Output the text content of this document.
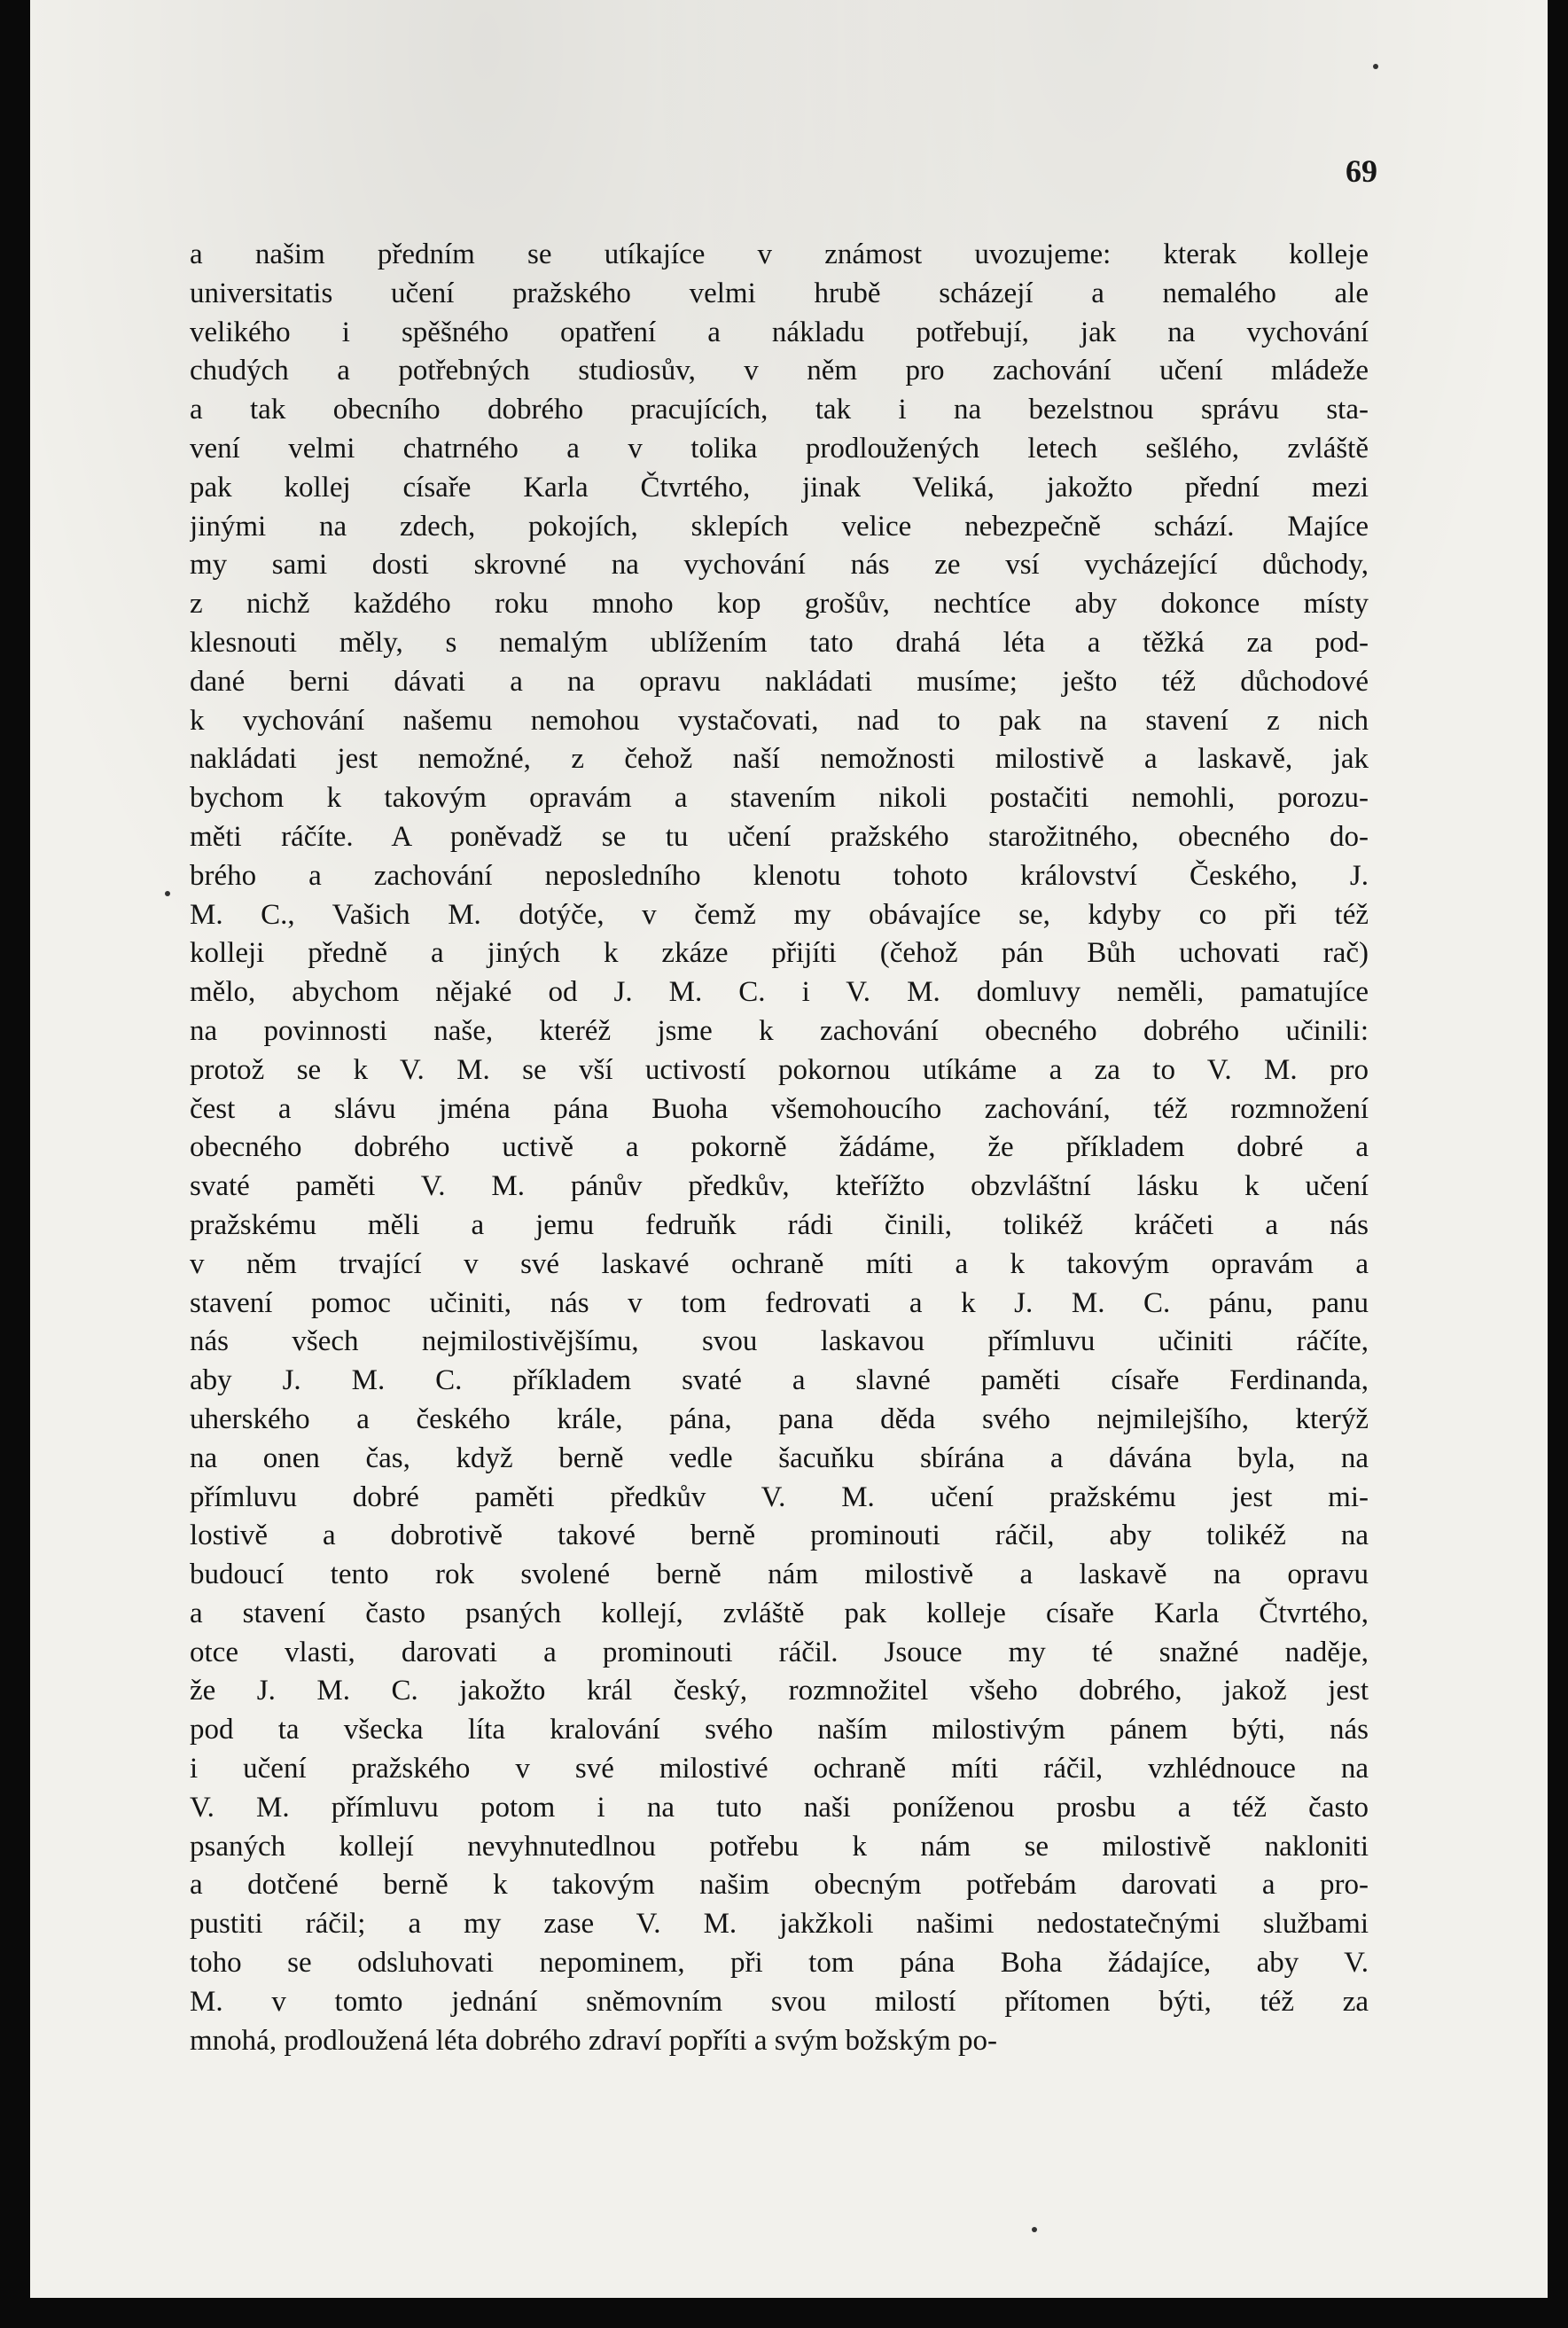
69
a našim předním se utíkajíce v známost uvozujeme: kterak kolleje
universitatis učení pražského velmi hrubě scházejí a nemalého ale
velikého i spěšného opatření a nákladu potřebují, jak na vychování
chudých a potřebných studiosův, v něm pro zachování učení mládeže
a tak obecního dobrého pracujících, tak i na bezelstnou správu sta-
vení velmi chatrného a v tolika prodloužených letech sešlého, zvláště
pak kollej císaře Karla Čtvrtého, jinak Veliká, jakožto přední mezi
jinými na zdech, pokojích, sklepích velice nebezpečně schází. Majíce
my sami dosti skrovné na vychování nás ze vsí vycházející důchody,
z nichž každého roku mnoho kop grošův, nechtíce aby dokonce místy
klesnouti měly, s nemalým ublížením tato drahá léta a těžká za pod-
dané berni dávati a na opravu nakládati musíme; ješto též důchodové
k vychování našemu nemohou vystačovati, nad to pak na stavení z nich
nakládati jest nemožné, z čehož naší nemožnosti milostivě a laskavě, jak
bychom k takovým opravám a stavením nikoli postačiti nemohli, porozu-
měti ráčíte. A poněvadž se tu učení pražského starožitného, obecného do-
brého a zachování neposledního klenotu tohoto království Českého, J.
M. C., Vašich M. dotýče, v čemž my obávajíce se, kdyby co při též
kolleji předně a jiných k zkáze přijíti (čehož pán Bůh uchovati rač)
mělo, abychom nějaké od J. M. C. i V. M. domluvy neměli, pamatujíce
na povinnosti naše, kteréž jsme k zachování obecného dobrého učinili:
protož se k V. M. se vší uctivostí pokornou utíkáme a za to V. M. pro
čest a slávu jména pána Buoha všemohoucího zachování, též rozmnožení
obecného dobrého uctivě a pokorně žádáme, že příkladem dobré a
svaté paměti V. M. pánův předkův, kteřížto obzvláštní lásku k učení
pražskému měli a jemu fedruňk rádi činili, tolikéž kráčeti a nás
v něm trvající v své laskavé ochraně míti a k takovým opravám a
stavení pomoc učiniti, nás v tom fedrovati a k J. M. C. pánu, panu
nás všech nejmilostivějšímu, svou laskavou přímluvu učiniti ráčíte,
aby J. M. C. příkladem svaté a slavné paměti císaře Ferdinanda,
uherského a českého krále, pána, pana děda svého nejmilejšího, kterýž
na onen čas, když berně vedle šacuňku sbírána a dávána byla, na
přímluvu dobré paměti předkův V. M. učení pražskému jest mi-
lostivě a dobrotivě takové berně prominouti ráčil, aby tolikéž na
budoucí tento rok svolené berně nám milostivě a laskavě na opravu
a stavení často psaných kollejí, zvláště pak kolleje císaře Karla Čtvrtého,
otce vlasti, darovati a prominouti ráčil. Jsouce my té snažné naděje,
že J. M. C. jakožto král český, rozmnožitel všeho dobrého, jakož jest
pod ta všecka líta kralování svého naším milostivým pánem býti, nás
i učení pražského v své milostivé ochraně míti ráčil, vzhlédnouce na
V. M. přímluvu potom i na tuto naši poníženou prosbu a též často
psaných kollejí nevyhnutedlnou potřebu k nám se milostivě nakloniti
a dotčené berně k takovým našim obecným potřebám darovati a pro-
pustiti ráčil; a my zase V. M. jakžkoli našimi nedostatečnými službami
toho se odsluhovati nepominem, při tom pána Boha žádajíce, aby V.
M. v tomto jednání sněmovním svou milostí přítomen býti, též za
mnohá, prodloužená léta dobrého zdraví popříti a svým božským po-
